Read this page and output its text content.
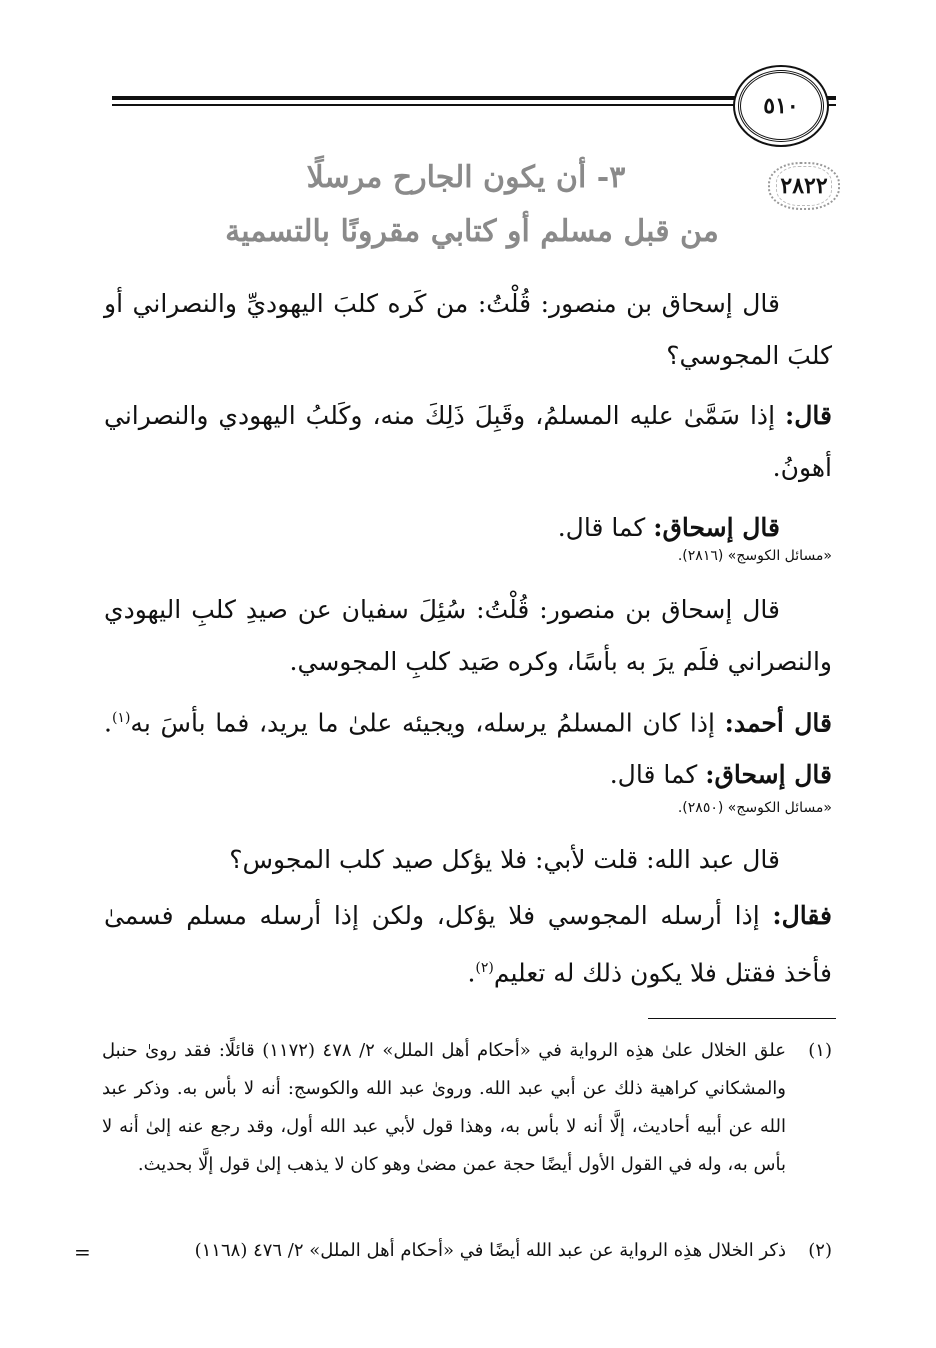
٥١٠
٢٨٢٢
٣- أن يكون الجارح مرسلًا
من قبل مسلم أو كتابي مقرونًا بالتسمية

قال إسحاق بن منصور: قُلْتُ: من كَره كلبَ اليهوديِّ والنصراني أو كلبَ المجوسي؟

قال: إذا سَمَّىٰ عليه المسلمُ، وقَبِلَ ذَلِكَ منه، وكَلبُ اليهودي والنصراني أهونُ.

قال إسحاق: كما قال.

«مسائل الكوسج» (٢٨١٦).

قال إسحاق بن منصور: قُلْتُ: سُئِلَ سفيان عن صيدِ كلبِ اليهودي والنصراني فلَم يرَ به بأسًا، وكره صَيد كلبِ المجوسي.

قال أحمد: إذا كان المسلمُ يرسله، ويجيئه علىٰ ما يريد، فما بأسَ به$^{(١)}$. قال إسحاق: كما قال.

«مسائل الكوسج» (٢٨٥٠).

قال عبد الله: قلت لأبي: فلا يؤكل صيد كلب المجوس؟

فقال: إذا أرسله المجوسي فلا يؤكل، ولكن إذا أرسله مسلم فسمىٰ فأخذ فقتل فلا يكون ذلك له تعليم$^{(٢)}$.

(١)
علق الخلال علىٰ هذِه الرواية في «أحكام أهل الملل» ٢/ ٤٧٨ (١١٧٢) قائلًا: فقد رویٰ حنبل والمشكاني كراهية ذلك عن أبي عبد الله. ورویٰ عبد الله والكوسج: أنه لا بأس به. وذكر عبد الله عن أبيه أحاديث، إلَّا أنه لا بأس به، وهذا قول لأبي عبد الله أول، وقد رجع عنه إلىٰ أنه لا بأس به، وله في القول الأول أيضًا حجة عمن مضیٰ وهو كان لا يذهب إلىٰ قول إلَّا بحديث.
(٢)
ذكر الخلال هذِه الرواية عن عبد الله أيضًا في «أحكام أهل الملل» ٢/ ٤٧٦ (١١٦٨)
=
